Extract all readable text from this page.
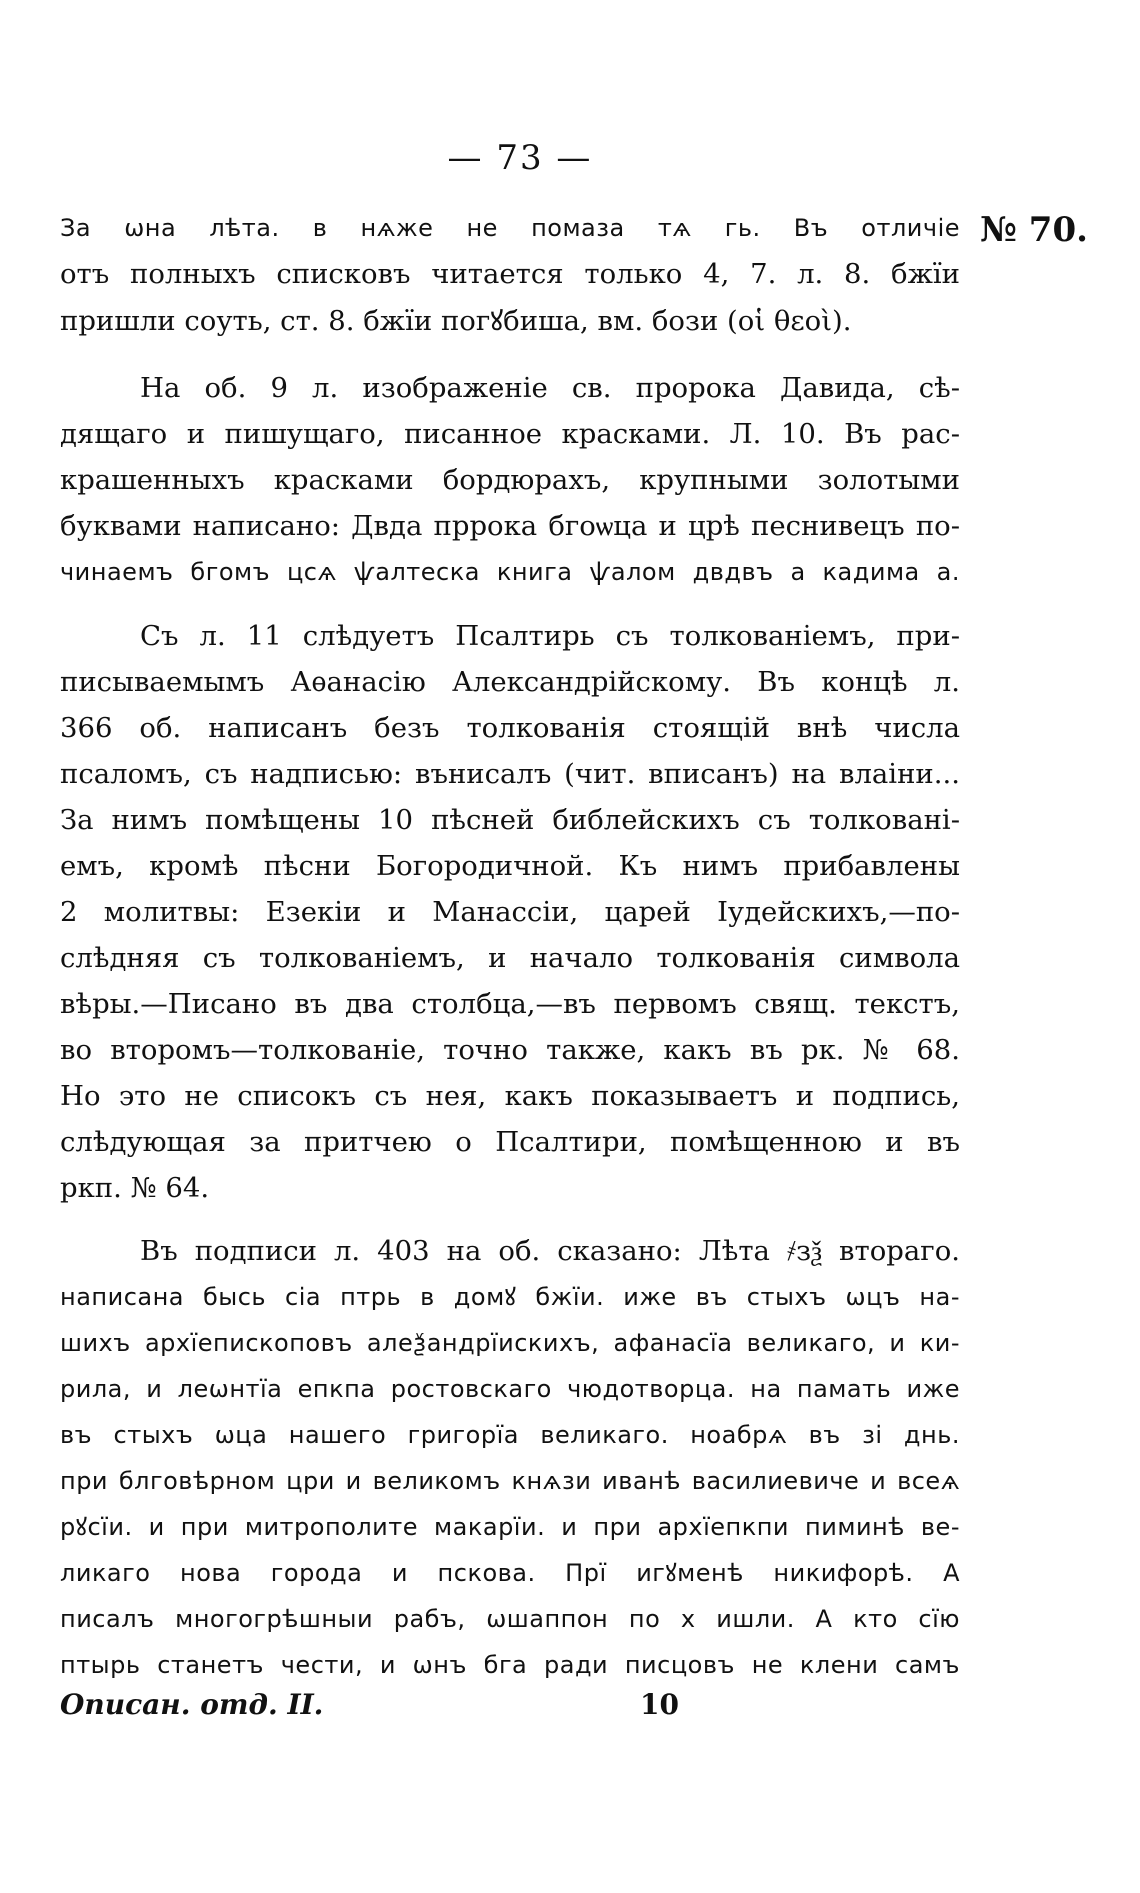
— 73 —
№ 70.
За ѡна лѣта. в нѧже не помаза тѧ гь. Въ отличіе
отъ полныхъ списковъ читается только 4, 7. л. 8. бжїи
пришли соуть, ст. 8. бжїи погꙋбиша, вм. бози (οἱ θεοὶ).
На об. 9 л. изображеніе св. пророка Давида, сѣ-
дящаго и пишущаго, писанное красками. Л. 10. Въ рас-
крашенныхъ красками бордюрахъ, крупными золотыми
буквами написано: Двда пррока бгоѡца и црѣ песнивецъ по-
чинаемъ бгомъ цсѧ ѱалтеска книга ѱалом двдвъ а кадима а.
Съ л. 11 слѣдуетъ Псалтирь съ толкованіемъ, при-
писываемымъ Аѳанасію Александрійскому. Въ концѣ л.
366 об. написанъ безъ толкованія стоящій внѣ числа
псаломъ, съ надписью: вънисалъ (чит. вписанъ) на влаіни...
За нимъ помѣщены 10 пѣсней библейскихъ съ толковані-
емъ, кромѣ пѣсни Богородичной. Къ нимъ прибавлены
2 молитвы: Езекіи и Манассіи, царей Іудейскихъ,—по-
слѣдняя съ толкованіемъ, и начало толкованія символа
вѣры.—Писано въ два столбца,—въ первомъ свящ. текстъ,
во второмъ—толкованіе, точно также, какъ въ рк. № 68.
Но это не списокъ съ нея, какъ показываетъ и подпись,
слѣдующая за притчею о Псалтири, помѣщенною и въ
ркп. № 64.
Въ подписи л. 403 на об. сказано: Лѣта ҂зѯ втораго.
написана бысь сіа птрь в домꙋ бжїи. иже въ стыхъ ѡцъ на-
шихъ архїепископовъ алеѯандрїискихъ, афанасїа великаго, и ки-
рила, и леѡнтїа епкпа ростовскаго чюдотворца. на памать иже
въ стыхъ ѡца нашего григорїа великаго. ноабрѧ въ зі днь.
при блговѣрном цри и великомъ кнѧзи иванѣ василиевиче и всеѧ
рꙋсїи. и при митрополите макарїи. и при архїепкпи пиминѣ ве-
ликаго нова города и пскова. Прї игꙋменѣ никифорѣ. А
писалъ многогрѣшныи рабъ, ѡшаппон по х ишли. А кто сїю
птырь станетъ чести, и ѡнъ бга ради писцовъ не клени самъ
Описан. отд. II.	10
